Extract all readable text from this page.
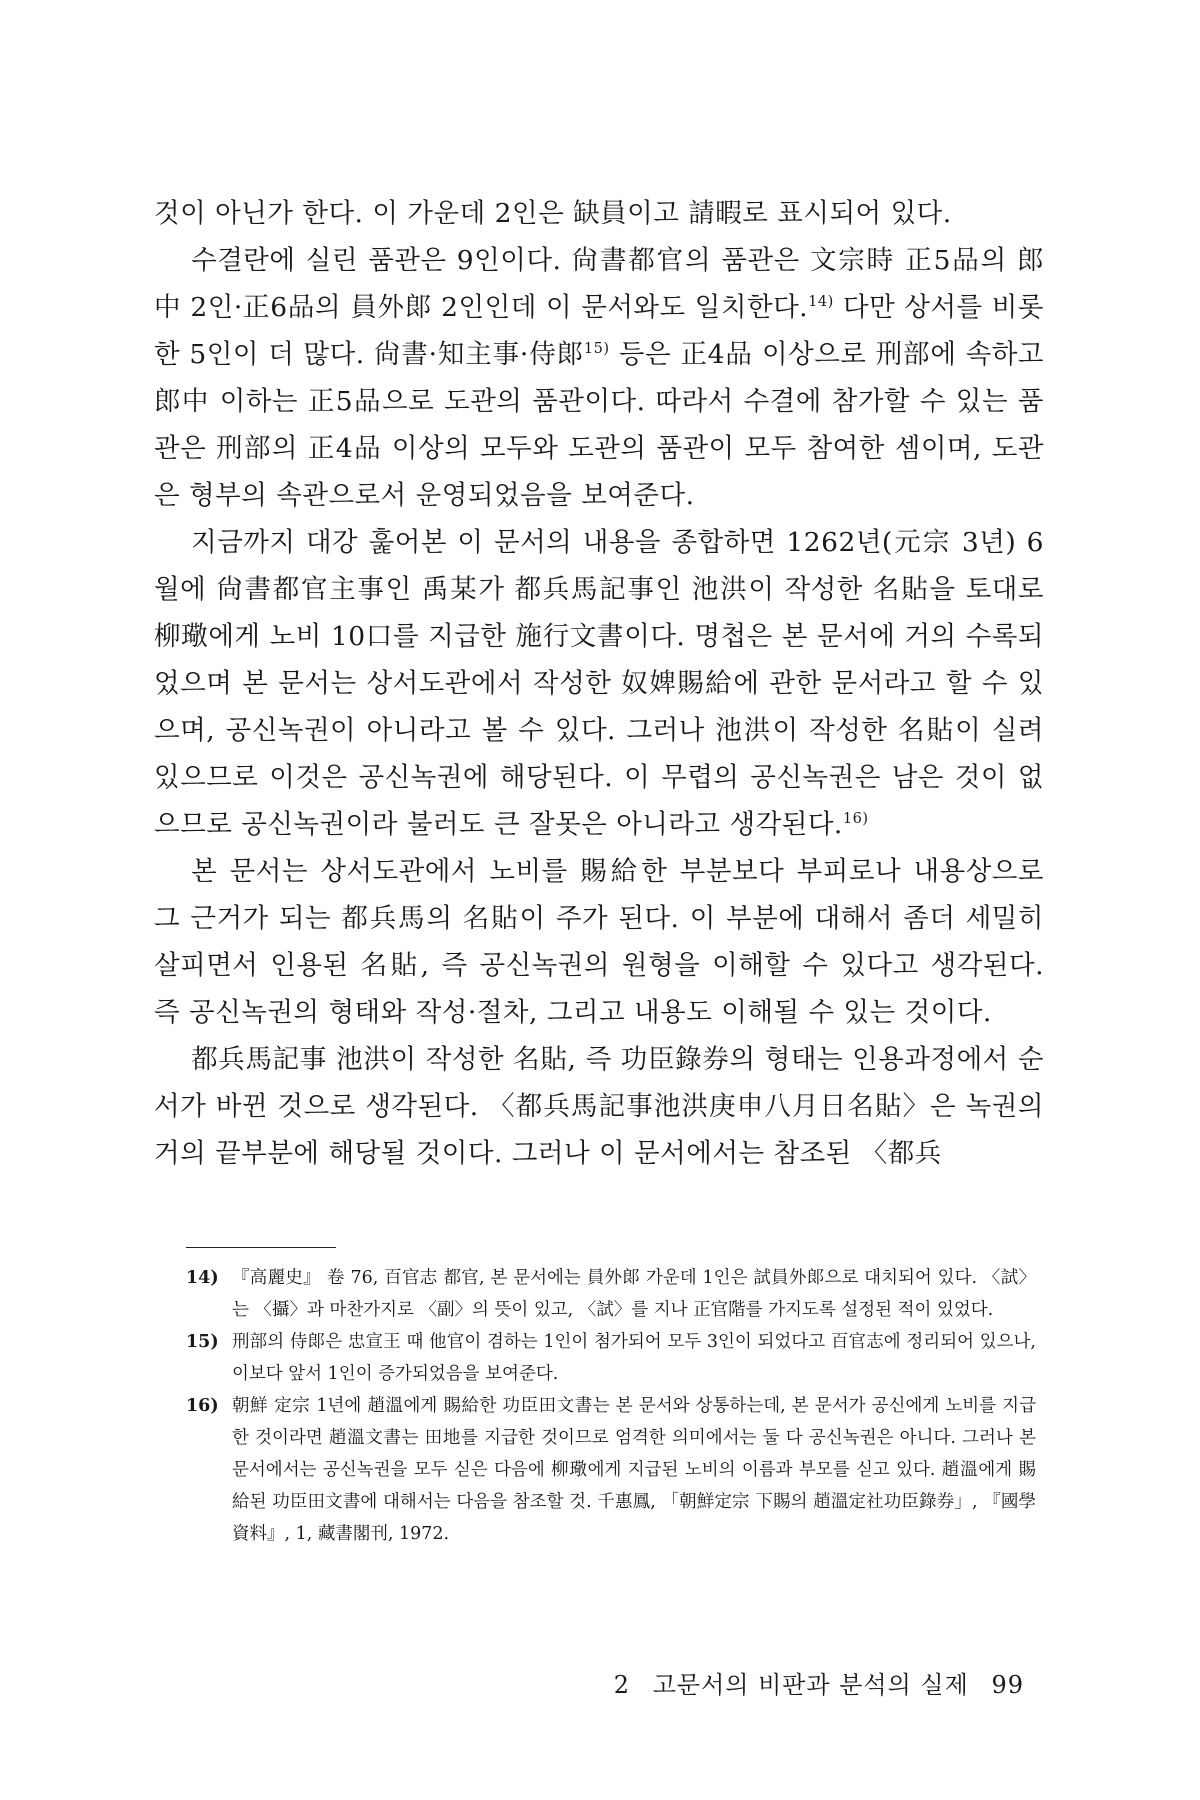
것이 아닌가 한다. 이 가운데 2인은 缺員이고 請暇로 표시되어 있다.

수결란에 실린 품관은 9인이다. 尙書都官의 품관은 文宗時 正5品의 郎中 2인·正6品의 員外郞 2인인데 이 문서와도 일치한다.$^{14)}$ 다만 상서를 비롯한 5인이 더 많다. 尙書·知主事·侍郞$^{15)}$ 등은 正4品 이상으로 刑部에 속하고 郎中 이하는 正5品으로 도관의 품관이다. 따라서 수결에 참가할 수 있는 품관은 刑部의 正4品 이상의 모두와 도관의 품관이 모두 참여한 셈이며, 도관은 형부의 속관으로서 운영되었음을 보여준다.

지금까지 대강 훑어본 이 문서의 내용을 종합하면 1262년(元宗 3년) 6월에 尙書都官主事인 禹某가 都兵馬記事인 池洪이 작성한 名貼을 토대로 柳璥에게 노비 10口를 지급한 施行文書이다. 명첩은 본 문서에 거의 수록되었으며 본 문서는 상서도관에서 작성한 奴婢賜給에 관한 문서라고 할 수 있으며, 공신녹권이 아니라고 볼 수 있다. 그러나 池洪이 작성한 名貼이 실려 있으므로 이것은 공신녹권에 해당된다. 이 무렵의 공신녹권은 남은 것이 없으므로 공신녹권이라 불러도 큰 잘못은 아니라고 생각된다.$^{16)}$

본 문서는 상서도관에서 노비를 賜給한 부분보다 부피로나 내용상으로 그 근거가 되는 都兵馬의 名貼이 주가 된다. 이 부분에 대해서 좀더 세밀히 살피면서 인용된 名貼, 즉 공신녹권의 원형을 이해할 수 있다고 생각된다. 즉 공신녹권의 형태와 작성·절차, 그리고 내용도 이해될 수 있는 것이다.

都兵馬記事 池洪이 작성한 名貼, 즉 功臣錄券의 형태는 인용과정에서 순서가 바뀐 것으로 생각된다. 〈都兵馬記事池洪庚申八月日名貼〉은 녹권의 거의 끝부분에 해당될 것이다. 그러나 이 문서에서는 참조된 〈都兵

14) 『高麗史』 卷 76, 百官志 都官, 본 문서에는 員外郞 가운데 1인은 試員外郞으로 대치되어 있다. 〈試〉는 〈攝〉과 마찬가지로 〈副〉의 뜻이 있고, 〈試〉를 지나 正官階를 가지도록 설정된 적이 있었다.
15) 刑部의 侍郞은 忠宣王 때 他官이 겸하는 1인이 첨가되어 모두 3인이 되었다고 百官志에 정리되어 있으나, 이보다 앞서 1인이 증가되었음을 보여준다.
16) 朝鮮 定宗 1년에 趙溫에게 賜給한 功臣田文書는 본 문서와 상통하는데, 본 문서가 공신에게 노비를 지급한 것이라면 趙溫文書는 田地를 지급한 것이므로 엄격한 의미에서는 둘 다 공신녹권은 아니다. 그러나 본문서에서는 공신녹권을 모두 싣은 다음에 柳璥에게 지급된 노비의 이름과 부모를 싣고 있다. 趙溫에게 賜給된 功臣田文書에 대해서는 다음을 참조할 것. 千惠鳳, 「朝鮮定宗 下賜의 趙溫定社功臣錄券」, 『國學資料』, 1, 藏書閣刊, 1972.
2 고문서의 비판과 분석의 실제 99
